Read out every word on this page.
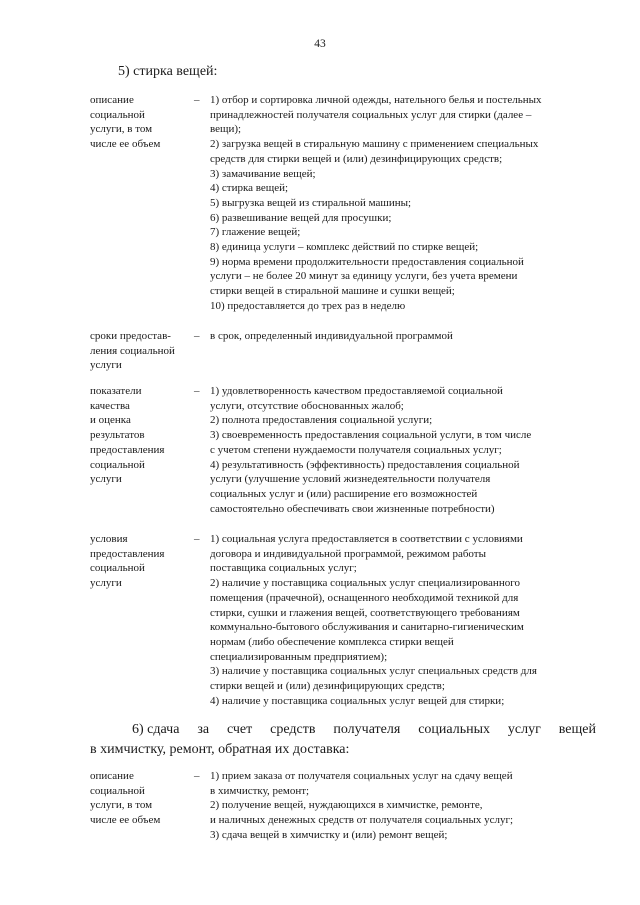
43
5) стирка вещей:
описание
социальной
услуги, в том
числе ее объем
– 1) отбор и сортировка личной одежды, нательного белья и постельных
принадлежностей получателя социальных услуг для стирки (далее –
вещи);
2) загрузка вещей в стиральную машину с применением специальных
средств для стирки вещей и (или) дезинфицирующих средств;
3) замачивание вещей;
4) стирка вещей;
5) выгрузка вещей из стиральной машины;
6) развешивание вещей для просушки;
7) глажение вещей;
8) единица услуги – комплекс действий по стирке вещей;
9) норма времени продолжительности предоставления социальной
услуги – не более 20 минут за единицу услуги, без учета времени
стирки вещей в стиральной машине и сушки вещей;
10) предоставляется до трех раз в неделю
сроки предостав-
ления социальной
услуги
– в срок, определенный индивидуальной программой
показатели
качества
и оценка
результатов
предоставления
социальной
услуги
– 1) удовлетворенность качеством предоставляемой социальной
услуги, отсутствие обоснованных жалоб;
2) полнота предоставления социальной услуги;
3) своевременность предоставления социальной услуги, в том числе
с учетом степени нуждаемости получателя социальных услуг;
4) результативность (эффективность) предоставления социальной
услуги (улучшение условий жизнедеятельности получателя
социальных услуг и (или) расширение его возможностей
самостоятельно обеспечивать свои жизненные потребности)
условия
предоставления
социальной
услуги
– 1) социальная услуга предоставляется в соответствии с условиями
договора и индивидуальной программой, режимом работы
поставщика социальных услуг;
2) наличие у поставщика социальных услуг специализированного
помещения (прачечной), оснащенного необходимой техникой для
стирки, сушки и глажения вещей, соответствующего требованиям
коммунально-бытового обслуживания и санитарно-гигиеническим
нормам (либо обеспечение комплекса стирки вещей
специализированным предприятием);
3) наличие у поставщика социальных услуг специальных средств для
стирки вещей и (или) дезинфицирующих средств;
4) наличие у поставщика социальных услуг вещей для стирки;
6) сдача за счет средств получателя социальных услуг вещей
в химчистку, ремонт, обратная их доставка:
описание
социальной
услуги, в том
числе ее объем
– 1) прием заказа от получателя социальных услуг на сдачу вещей
в химчистку, ремонт;
2) получение вещей, нуждающихся в химчистке, ремонте,
и наличных денежных средств от получателя социальных услуг;
3) сдача вещей в химчистку и (или) ремонт вещей;
